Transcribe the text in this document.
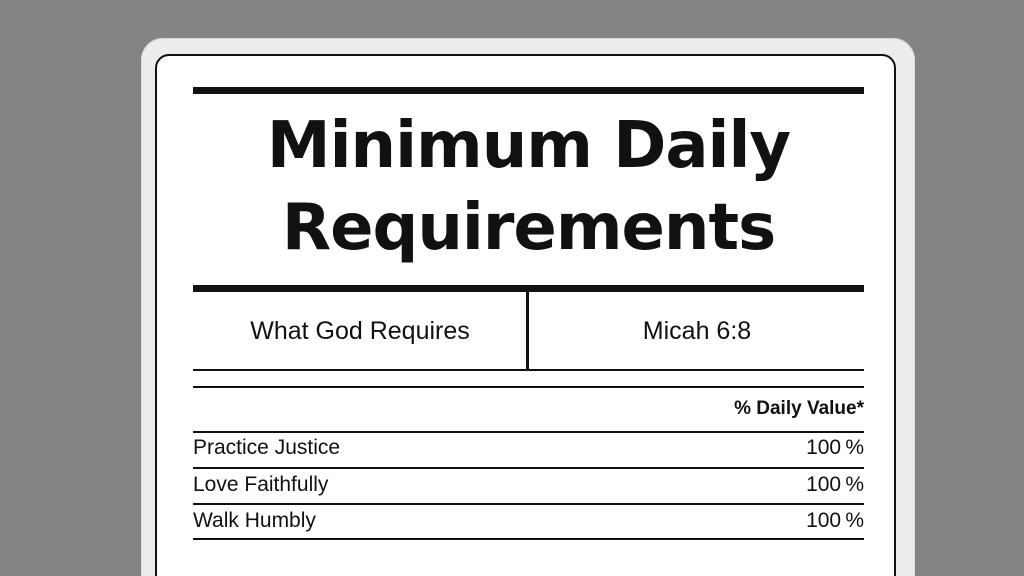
Minimum Daily
Requirements
What God Requires	Micah 6:8
% Daily Value*
Practice Justice	100 %
Love Faithfully	100 %
Walk Humbly	100 %
